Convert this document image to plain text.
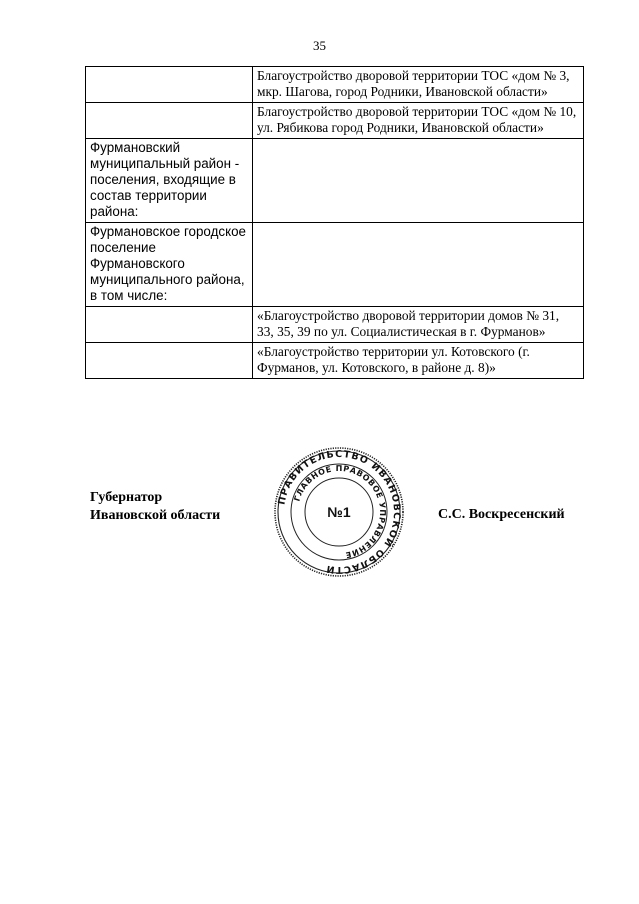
35
	Благоустройство дворовой территории ТОС «дом № 3, мкр. Шагова, город Родники, Ивановской области»
	Благоустройство дворовой территории ТОС «дом № 10, ул. Рябикова город Родники, Ивановской области»
Фурмановский муниципальный район - поселения, входящие в состав территории района:	
Фурмановское городское поселение Фурмановского муниципального района, в том числе:	
	«Благоустройство дворовой территории домов № 31, 33, 35, 39 по ул. Социалистическая в г. Фурманов»
	«Благоустройство территории ул. Котовского (г. Фурманов, ул. Котовского, в районе д. 8)»
Губернатор
Ивановской области
ПРАВИТЕЛЬСТВО ИВАНОВСКОЙ ОБЛАСТИ
ГЛАВНОЕ ПРАВОВОЕ УПРАВЛЕНИЕ
№1	С.С. Воскресенский
